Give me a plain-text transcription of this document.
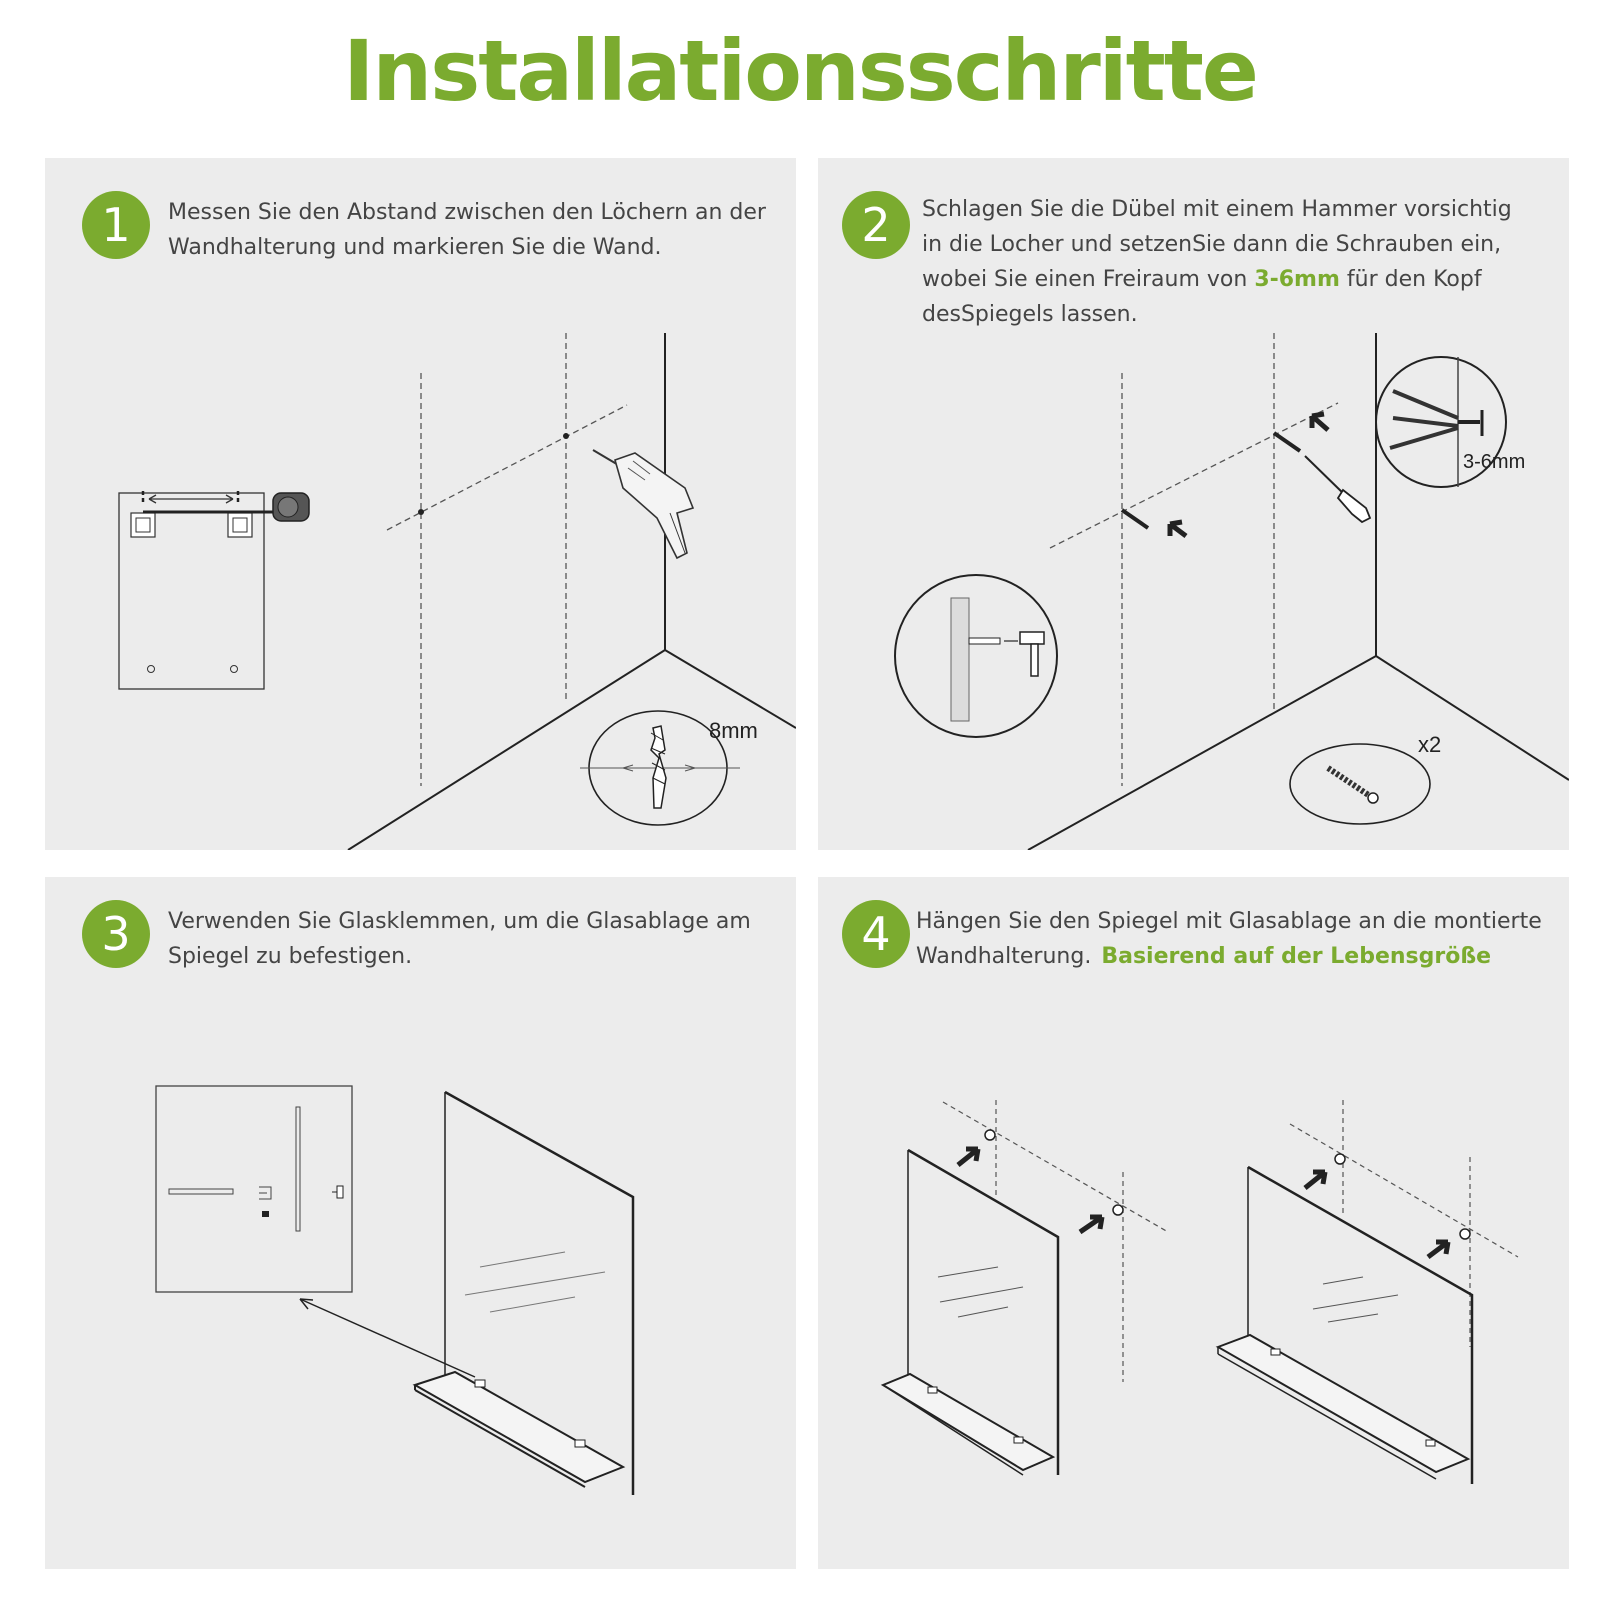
Installationsschritte
1	Messen Sie den Abstand zwischen den Löchern an der Wandhalterung und markieren Sie die Wand.
8mm
2	Schlagen Sie die Dübel mit einem Hammer vorsichtig in die Locher und setzenSie dann die Schrauben ein, wobei Sie einen Freiraum von 3-6mm für den Kopf desSpiegels lassen.
3-6mm
x2
3	Verwenden Sie Glasklemmen, um die Glasablage am Spiegel zu befestigen.	4	Hängen Sie den Spiegel mit Glasablage an die montierte Wandhalterung. Basierend auf der Lebensgröße
